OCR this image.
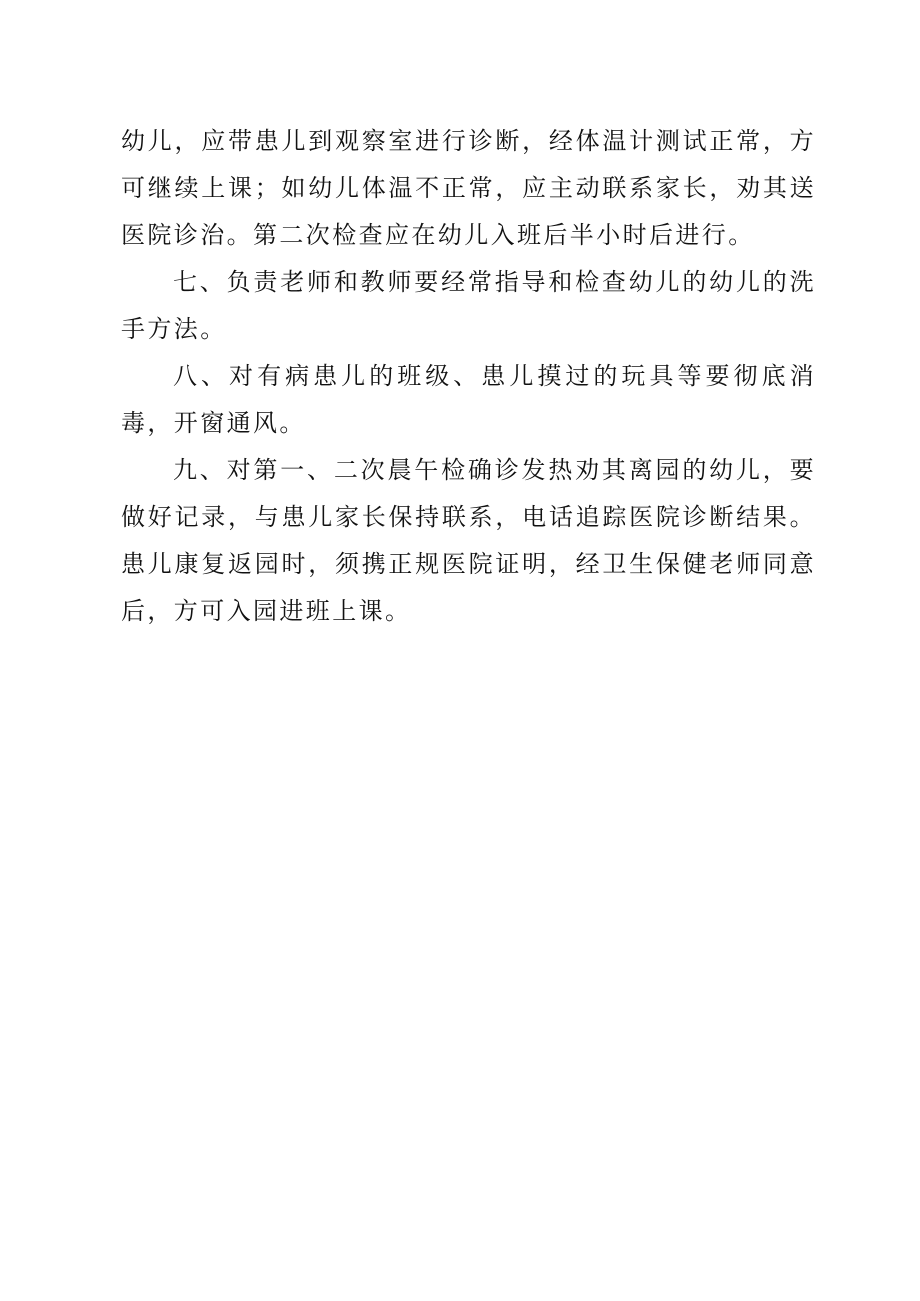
幼儿，应带患儿到观察室进行诊断，经体温计测试正常，方可继续上课；如幼儿体温不正常，应主动联系家长，劝其送医院诊治。第二次检查应在幼儿入班后半小时后进行。

七、负责老师和教师要经常指导和检查幼儿的幼儿的洗手方法。

八、对有病患儿的班级、患儿摸过的玩具等要彻底消毒，开窗通风。

九、对第一、二次晨午检确诊发热劝其离园的幼儿，要做好记录，与患儿家长保持联系，电话追踪医院诊断结果。患儿康复返园时，须携正规医院证明，经卫生保健老师同意后，方可入园进班上课。
